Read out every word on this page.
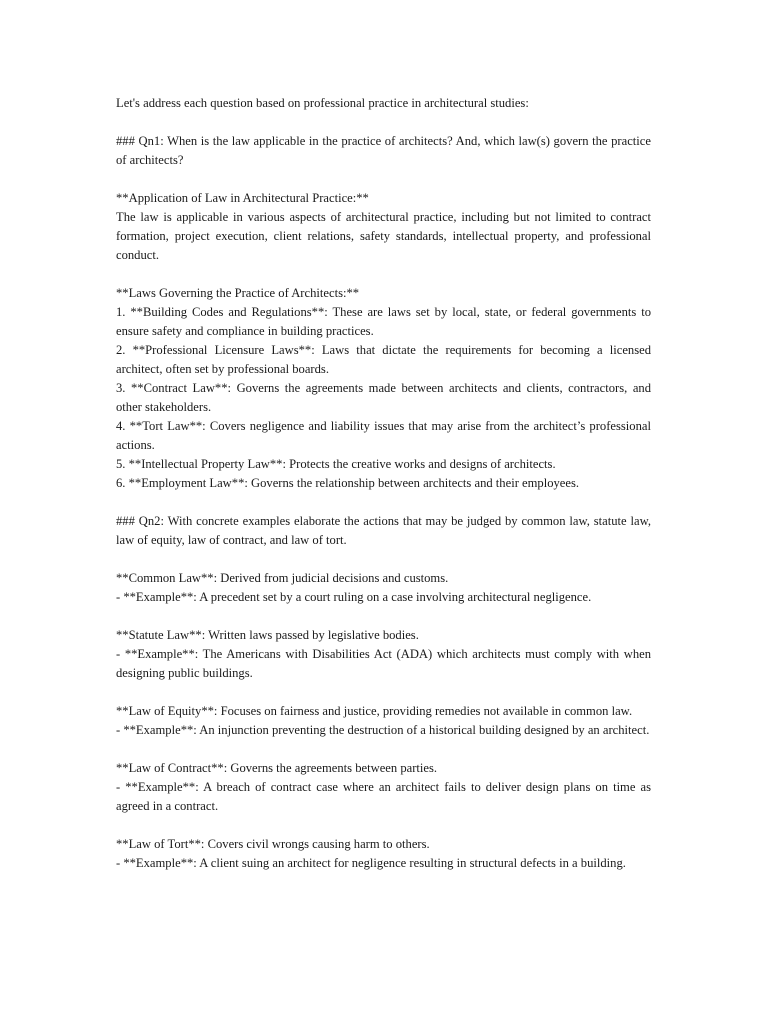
Let's address each question based on professional practice in architectural studies:

### Qn1: When is the law applicable in the practice of architects? And, which law(s) govern the practice of architects?

**Application of Law in Architectural Practice:**

The law is applicable in various aspects of architectural practice, including but not limited to contract formation, project execution, client relations, safety standards, intellectual property, and professional conduct.

**Laws Governing the Practice of Architects:**

1. **Building Codes and Regulations**: These are laws set by local, state, or federal governments to ensure safety and compliance in building practices.

2. **Professional Licensure Laws**: Laws that dictate the requirements for becoming a licensed architect, often set by professional boards.

3. **Contract Law**: Governs the agreements made between architects and clients, contractors, and other stakeholders.

4. **Tort Law**: Covers negligence and liability issues that may arise from the architect’s professional actions.

5. **Intellectual Property Law**: Protects the creative works and designs of architects.

6. **Employment Law**: Governs the relationship between architects and their employees.

### Qn2: With concrete examples elaborate the actions that may be judged by common law, statute law, law of equity, law of contract, and law of tort.

**Common Law**: Derived from judicial decisions and customs.

- **Example**: A precedent set by a court ruling on a case involving architectural negligence.

**Statute Law**: Written laws passed by legislative bodies.

- **Example**: The Americans with Disabilities Act (ADA) which architects must comply with when designing public buildings.

**Law of Equity**: Focuses on fairness and justice, providing remedies not available in common law.

- **Example**: An injunction preventing the destruction of a historical building designed by an architect.

**Law of Contract**: Governs the agreements between parties.

- **Example**: A breach of contract case where an architect fails to deliver design plans on time as agreed in a contract.

**Law of Tort**: Covers civil wrongs causing harm to others.

- **Example**: A client suing an architect for negligence resulting in structural defects in a building.
